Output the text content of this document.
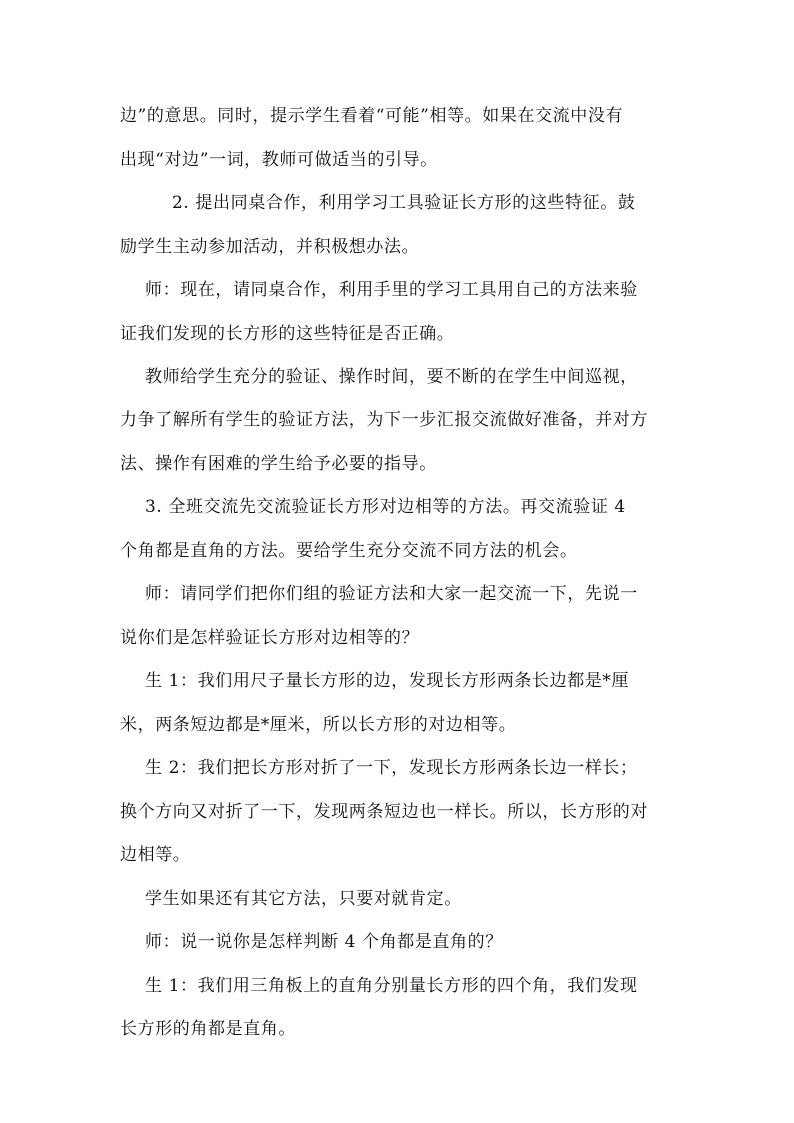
边”的意思。同时，提示学生看着“可能”相等。如果在交流中没有
出现“对边”一词，教师可做适当的引导。
2. 提出同桌合作，利用学习工具验证长方形的这些特征。鼓
励学生主动参加活动，并积极想办法。
师：现在，请同桌合作，利用手里的学习工具用自己的方法来验
证我们发现的长方形的这些特征是否正确。
教师给学生充分的验证、操作时间，要不断的在学生中间巡视，
力争了解所有学生的验证方法，为下一步汇报交流做好准备，并对方
法、操作有困难的学生给予必要的指导。
3. 全班交流先交流验证长方形对边相等的方法。再交流验证 4
个角都是直角的方法。要给学生充分交流不同方法的机会。
师：请同学们把你们组的验证方法和大家一起交流一下，先说一
说你们是怎样验证长方形对边相等的？
生 1：我们用尺子量长方形的边，发现长方形两条长边都是*厘
米，两条短边都是*厘米，所以长方形的对边相等。
生 2：我们把长方形对折了一下，发现长方形两条长边一样长；
换个方向又对折了一下，发现两条短边也一样长。所以，长方形的对
边相等。
学生如果还有其它方法，只要对就肯定。
师：说一说你是怎样判断 4 个角都是直角的？
生 1：我们用三角板上的直角分别量长方形的四个角，我们发现
长方形的角都是直角。
